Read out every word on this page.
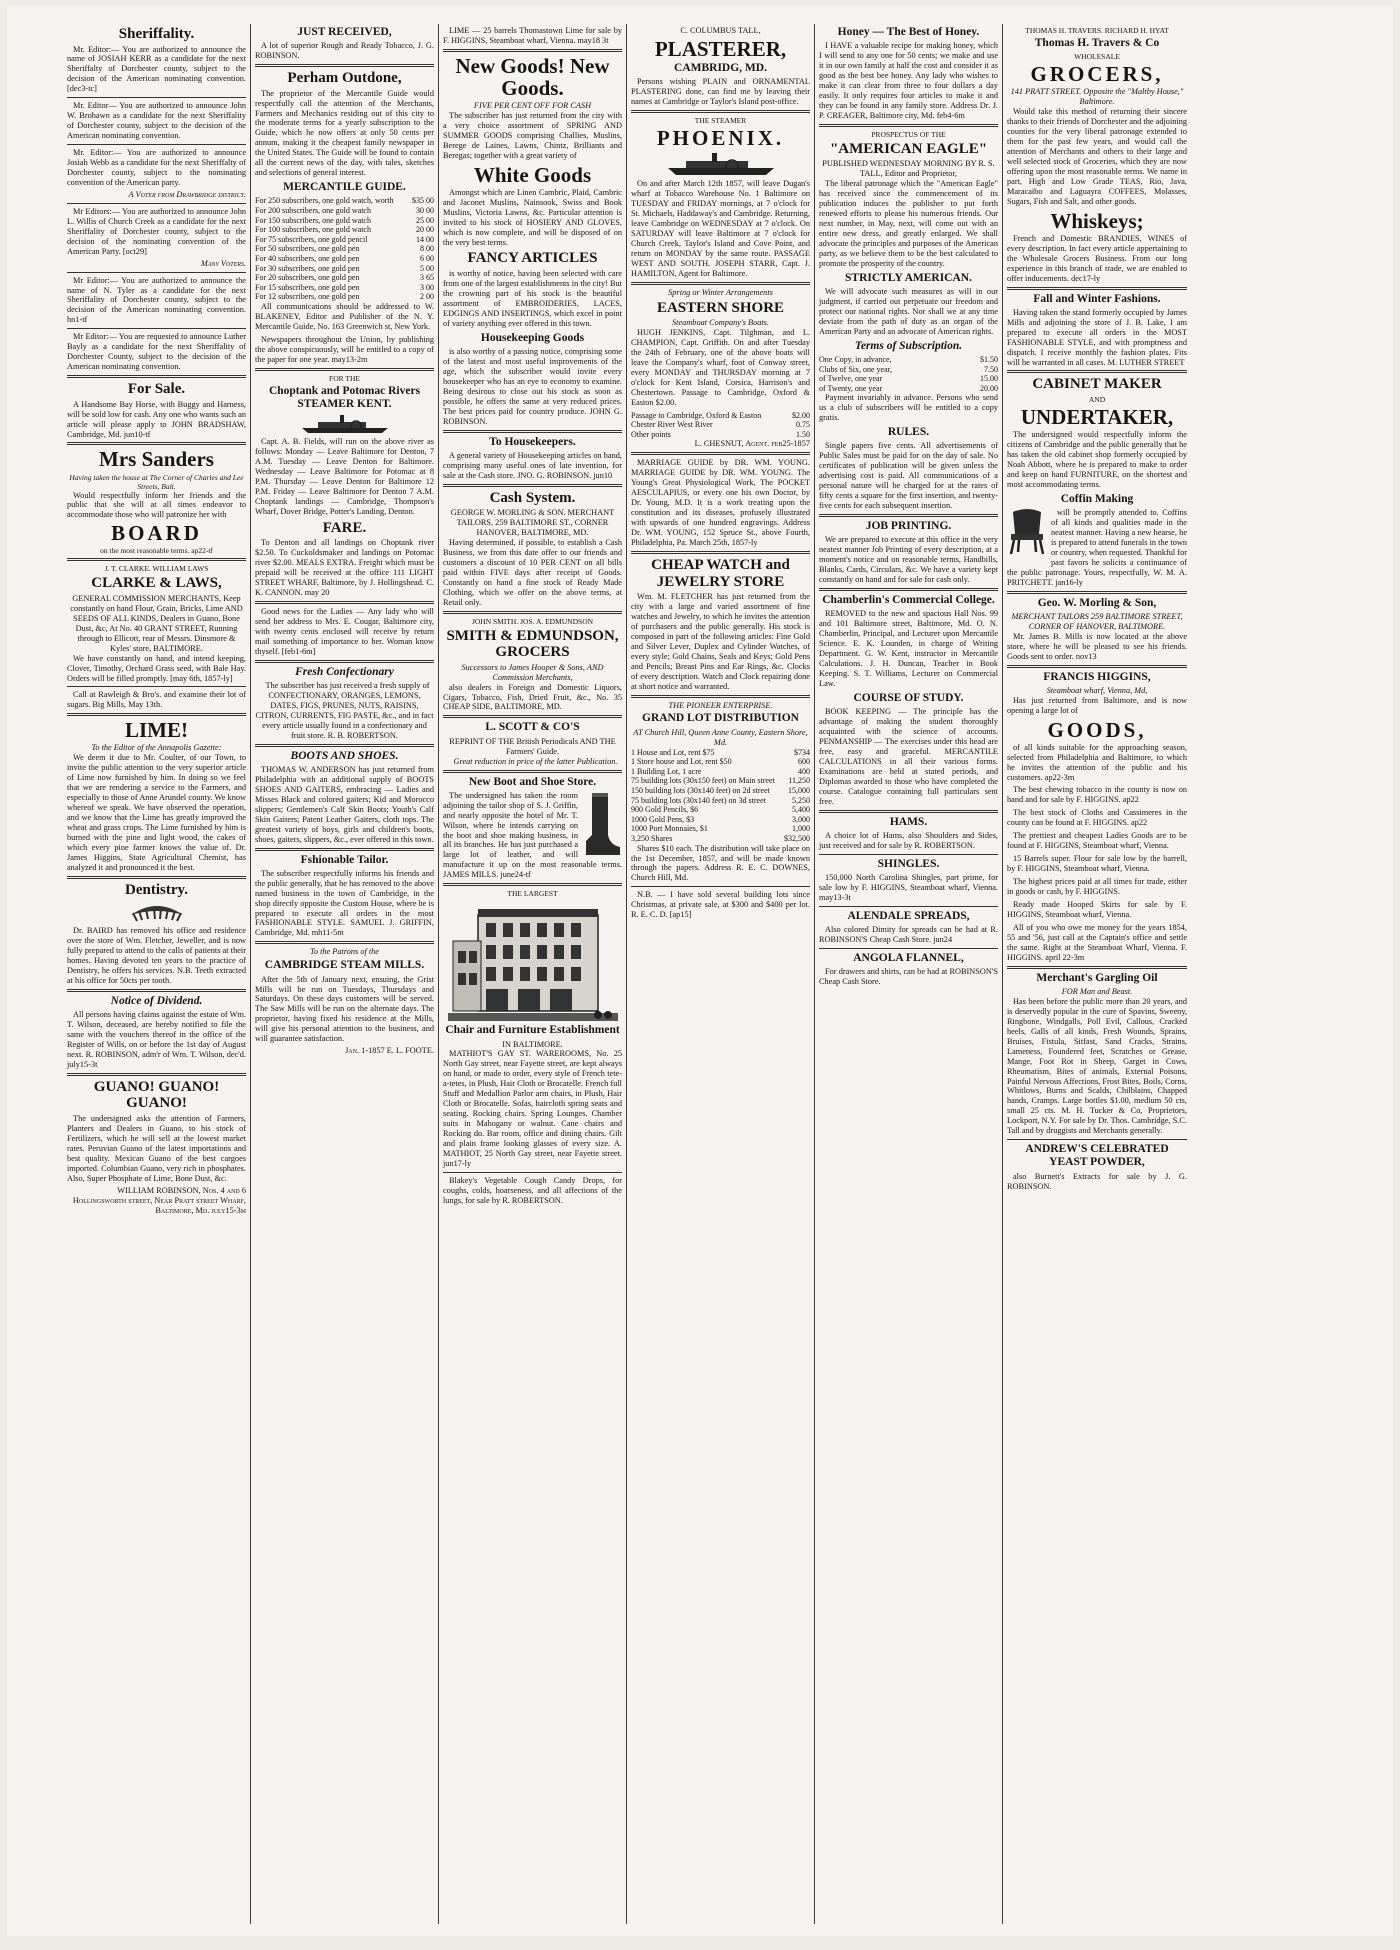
Sheriffality.

Mr. Editor:— You are authorized to announce the name of JOSIAH KERR as a candidate for the next Sheriffalty of Dorchester county, subject to the decision of the American nominating convention. [dec3-tc]

Mr. Editor— You are authorized to announce John W. Brohawn as a candidate for the next Sheriffality of Dorchester county, subject to the decision of the American nominating convention.

Mr. Editor:— You are authorized to announce Josiah Webb as a candidate for the next Sheriffalty of Dorchester county, subject to the nominating convention of the American party.

A Voter from Drawbridge district.

Mr Editors:— You are authorized to announce John L. Willis of Church Creek as a candidate for the next Sheriffality of Dorchester county, subject to the decision of the nominating convention of the American Party. [oct29]

Many Voters.

Mr Editor:— You are authorized to announce the name of N. Tyler as a candidate for the next Sheriffality of Dorchester county, subject to the decision of the American nominating convention. hn1-tf

Mr Editor:— You are requested to announce Luther Bayly as a candidate for the next Sheriffality of Dorchester County, subject to the decision of the American nominating convention.

For Sale.

A Handsome Bay Horse, with Buggy and Harness, will be sold low for cash. Any one who wants such an article will please apply to JOHN BRADSHAW, Cambridge, Md. jun10-tf

Mrs Sanders
Having taken the house at The Corner of Charles and Lee Streets, Balt.

Would respectfully inform her friends and the public that she will at all times endeavor to accommodate those who will patronize her with

BOARD
on the most reasonable terms. ap22-tf
J. T. CLARKE. WILLIAM LAWS
CLARKE & LAWS,
GENERAL COMMISSION MERCHANTS, Keep constantly on hand Flour, Grain, Bricks, Lime AND SEEDS OF ALL KINDS, Dealers in Guano, Bone Dust, &c, At No. 40 GRANT STREET, Running through to Ellicott, rear of Messrs. Dinsmore & Kyles' store, BALTIMORE.

We have constantly on hand, and intend keeping, Clover, Timothy, Orchard Grass seed, with Bale Hay. Orders will be filled promptly. [may 6th, 1857-ly]

Call at Rawleigh & Bro's. and examine their lot of sugars. Big Mills, May 13th.

LIME!
To the Editor of the Annapolis Gazette:

We deem it due to Mr. Coulter, of our Town, to invite the public attention to the very superior article of Lime now furnished by him. In doing so we feel that we are rendering a service to the Farmers, and especially to those of Anne Arundel county. We know whereof we speak. We have observed the operation, and we know that the Lime has greatly improved the wheat and grass crops. The Lime furnished by him is burned with the pine and light wood, the cakes of which every pine farmer knows the value of. Dr. James Higgins, State Agricultural Chemist, has analyzed it and pronounced it the best.

Dentistry.

Dr. BAIRD has removed his office and residence over the store of Wm. Fletcher, Jeweller, and is now fully prepared to attend to the calls of patients at their homes. Having devoted ten years to the practice of Dentistry, he offers his services. N.B. Teeth extracted at his office for 50cts per tooth.

Notice of Dividend.

All persons having claims against the estate of Wm. T. Wilson, deceased, are hereby notified to file the same with the vouchers thereof in the office of the Register of Wills, on or before the 1st day of August next. R. ROBINSON, adm'r of Wm. T. Wilson, dec'd. july15-3t

GUANO! GUANO! GUANO!

The undersigned asks the attention of Farmers, Planters and Dealers in Guano, to his stock of Fertilizers, which he will sell at the lowest market rates. Peruvian Guano of the latest importations and best quality. Mexican Guano of the best cargoes imported. Columbian Guano, very rich in phosphates. Also, Super Phosphate of Lime, Bone Dust, &c.

WILLIAM ROBINSON, Nos. 4 and 6 Hollingsworth street, Near Pratt street Wharf, Baltimore, Md. july15-3m
JUST RECEIVED,

A lot of superior Rough and Ready Tobacco, J. G. ROBINSON.

Perham Outdone,

The proprietor of the Mercantile Guide would respectfully call the attention of the Merchants, Farmers and Mechanics residing out of this city to the moderate terms for a yearly subscription to the Guide, which he now offers at only 50 cents per annum, making it the cheapest family newspaper in the United States. The Guide will be found to contain all the current news of the day, with tales, sketches and selections of general interest.

MERCANTILE GUIDE.
For 250 subscribers, one gold watch, worth	$35 00
For 200 subscribers, one gold watch	30 00
For 150 subscribers, one gold watch	25 00
For 100 subscribers, one gold watch	20 00
For 75 subscribers, one gold pencil	14 00
For 50 subscribers, one gold pen	8 00
For 40 subscribers, one gold pen	6 00
For 30 subscribers, one gold pen	5 00
For 20 subscribers, one gold pen	3 65
For 15 subscribers, one gold pen	3 00
For 12 subscribers, one gold pen	2 00

All communications should be addressed to W. BLAKENEY, Editor and Publisher of the N. Y. Mercantile Guide, No. 163 Greenwich st, New York.

Newspapers throughout the Union, by publishing the above conspicuously, will be entitled to a copy of the paper for one year. may13-2m

FOR THE
Choptank and Potomac Rivers STEAMER KENT.

Capt. A. B. Fields, will run on the above river as follows: Monday — Leave Baltimore for Denton, 7 A.M. Tuesday — Leave Denton for Baltimore. Wednesday — Leave Baltimore for Potomac at 8 P.M. Thursday — Leave Denton for Baltimore 12 P.M. Friday — Leave Baltimore for Denton 7 A.M. Choptank landings — Cambridge, Thompson's Wharf, Dover Bridge, Potter's Landing, Denton.

FARE.

To Denton and all landings on Choptank river $2.50. To Cuckoldsmaker and landings on Potomac river $2.00. MEALS EXTRA. Freight which must be prepaid will be received at the office 111 LIGHT STREET WHARF, Baltimore, by J. Hollingshead. C. K. CANNON. may 20

Good news for the Ladies — Any lady who will send her address to Mrs. E. Cougar, Baltimore city, with twenty cents enclosed will receive by return mail something of importance to her. Woman know thyself. [feb1-6m]

Fresh Confectionary

The subscriber has just received a fresh supply of CONFECTIONARY, ORANGES, LEMONS, DATES, FIGS, PRUNES, NUTS, RAISINS, CITRON, CURRENTS, FIG PASTE, &c., and in fact every article usually found in a confectionary and fruit store. R. B. ROBERTSON.

BOOTS AND SHOES.

THOMAS W. ANDERSON has just returned from Philadelphia with an additional supply of BOOTS SHOES AND GAITERS, embracing — Ladies and Misses Black and colored gaiters; Kid and Morocco slippers; Gentlemen's Calf Skin Boots; Youth's Calf Skin Gaiters; Patent Leather Gaiters, cloth tops. The greatest variety of boys, girls and children's boots, shoes, gaiters, slippers, &c., ever offered in this town.

Fshionable Tailor.

The subscriber respectfully informs his friends and the public generally, that he has removed to the above named business in the town of Cambridge, in the shop directly opposite the Custom House, where he is prepared to execute all orders in the most FASHIONABLE STYLE. SAMUEL J. GRIFFIN, Cambridge, Md. mh11-5m

To the Patrons of the
CAMBRIDGE STEAM MILLS.

After the 5th of January next, ensuing, the Grist Mills will be run on Tuesdays, Thursdays and Saturdays. On these days customers will be served. The Saw Mills will be run on the alternate days. The proprietor, having fixed his residence at the Mills, will give his personal attention to the business, and will guarantee satisfaction.

Jan. 1-1857 E. L. FOOTE.

LIME — 25 barrels Thomastown Lime for sale by F. HIGGINS, Steamboat wharf, Vienna. may18 3t

New Goods! New Goods.
FIVE PER CENT OFF FOR CASH

The subscriber has just returned from the city with a very choice assortment of SPRING AND SUMMER GOODS comprising Challies, Muslins, Berege de Laines, Lawns, Chintz, Brilliants and Beregas; together with a great variety of

White Goods

Amongst which are Linen Cambric, Plaid, Cambric and Jaconet Muslins, Nainsook, Swiss and Book Muslins, Victoria Lawns, &c. Particular attention is invited to his stock of HOSIERY AND GLOVES, which is now complete, and will be disposed of on the very best terms.

FANCY ARTICLES

is worthy of notice, having been selected with care from one of the largest establishments in the city! But the crowning part of his stock is the beautiful assortment of EMBROIDERIES, LACES, EDGINGS AND INSERTINGS, which excel in point of variety anything ever offered in this town.

Housekeeping Goods

is also worthy of a passing notice, comprising some of the latest and most useful improvements of the age, which the subscriber would invite every housekeeper who has an eye to economy to examine. Being desirous to close out his stock as soon as possible, he offers the same at very reduced prices. The best prices paid for country produce. JOHN G. ROBINSON.

To Housekeepers.

A general variety of Housekeeping articles on hand, comprising many useful ones of late invention, for sale at the Cash store. JNO. G. ROBINSON. jun10

Cash System.
GEORGE W. MORLING & SON. MERCHANT TAILORS, 259 BALTIMORE ST., CORNER HANOVER, BALTIMORE, MD.

Having determined, if possible, to establish a Cash Business, we from this date offer to our friends and customers a discount of 10 PER CENT on all bills paid within FIVE days after receipt of Goods. Constantly on hand a fine stock of Ready Made Clothing, which we offer on the above terms, at Retail only.

JOHN SMITH. JOS. A. EDMUNDSON
SMITH & EDMUNDSON, GROCERS
Successors to James Hooper & Sons, AND Commission Merchants,

also dealers in Foreign and Domestic Liquors, Cigars, Tobacco, Fish, Dried Fruit, &c., No. 35 CHEAP SIDE, BALTIMORE, MD.

L. SCOTT & CO'S
REPRINT OF THE British Periodicals AND THE Farmers' Guide.

Great reduction in price of the latter Publication.

New Boot and Shoe Store.

The undersigned has taken the room adjoining the tailor shop of S. J. Griffin, and nearly opposite the hotel of Mr. T. Wilson, where he intends carrying on the boot and shoe making business, in all its branches. He has just purchased a large lot of leather, and will manufacture it up on the most reasonable terms. JAMES MILLS. june24-tf

THE LARGEST
Chair and Furniture Establishment
IN BALTIMORE.

MATHIOT'S GAY ST. WAREROOMS, No. 25 North Gay street, near Fayette street, are kept always on hand, or made to order, every style of French tete-a-tetes, in Plush, Hair Cloth or Brocatelle. French full Stuff and Medallion Parlor arm chairs, in Plush, Hair Cloth or Brocatelle. Sofas, haircloth spring seats and seating. Rocking chairs. Spring Lounges. Chamber suits in Mahogany or walnut. Cane chairs and Rocking do. Bar room, office and dining chairs. Gilt and plain frame looking glasses of every size. A. MATHIOT, 25 North Gay street, near Fayette street. jun17-ly

Blakey's Vegetable Cough Candy Drops, for coughs, colds, hoarseness, and all affections of the lungs, for sale by R. ROBERTSON.

C. COLUMBUS TALL,
PLASTERER,
CAMBRIDG, MD.

Persons wishing PLAIN and ORNAMENTAL PLASTERING done, can find me by leaving their names at Cambridge or Taylor's Island post-office.

THE STEAMER
PHOENIX.

On and after March 12th 1857, will leave Dugan's wharf at Tobacco Warehouse No. 1 Baltimore on TUESDAY and FRIDAY mornings, at 7 o'clock for St. Michaels, Haddaway's and Cambridge. Returning, leave Cambridge on WEDNESDAY at 7 o'clock. On SATURDAY will leave Baltimore at 7 o'clock for Church Creek, Taylor's Island and Cove Point, and return on MONDAY by the same route. PASSAGE WEST AND SOUTH. JOSEPH STARR, Capt. J. HAMILTON, Agent for Baltimore.

Spring or Winter Arrangements
EASTERN SHORE
Steamboat Company's Boats.

HUGH JENKINS, Capt. Tilghman, and L. CHAMPION, Capt. Griffith. On and after Tuesday the 24th of February, one of the above boats will leave the Company's wharf, foot of Conway street, every MONDAY and THURSDAY morning at 7 o'clock for Kent Island, Corsica, Harrison's and Chestertown. Passage to Cambridge, Oxford & Easton $2.00.

Passage to Cambridge, Oxford & Easton	$2.00
Chester River West River	0.75
Other points	1.50
L. CHESNUT, Agent. feb25-1857

MARRIAGE GUIDE by DR. WM. YOUNG. MARRIAGE GUIDE by DR. WM. YOUNG. The Young's Great Physiological Work, The POCKET AESCULAPIUS, or every one his own Doctor, by Dr. Young, M.D. It is a work treating upon the constitution and its diseases, profusely illustrated with upwards of one hundred engravings. Address Dr. WM. YOUNG, 152 Spruce St., above Fourth, Philadelphia, Pa. March 25th, 1857-ly

CHEAP WATCH and JEWELRY STORE

Wm. M. FLETCHER has just returned from the city with a large and varied assortment of fine watches and Jewelry, to which he invites the attention of purchasers and the public generally. His stock is composed in part of the following articles: Fine Gold and Silver Lever, Duplex and Cylinder Watches, of every style; Gold Chains, Seals and Keys; Gold Pens and Pencils; Breast Pins and Ear Rings, &c. Clocks of every description. Watch and Clock repairing done at short notice and warranted.

THE PIONEER ENTERPRISE.
GRAND LOT DISTRIBUTION
AT Church Hill, Queen Anne County, Eastern Shore, Md.
1 House and Lot, rent $75	$734
1 Store house and Lot, rent $50	600
1 Building Lot, 1 acre	400
75 building lots (30x150 feet) on Main street	11,250
150 building lots (30x140 feet) on 2d street	15,000
75 building lots (30x140 feet) on 3d street	5,250
900 Gold Pencils, $6	5,400
1000 Gold Pens, $3	3,000
1000 Port Monnaies, $1	1,000
3,250 Shares	$32,500

Shares $10 each. The distribution will take place on the 1st December, 1857, and will be made known through the papers. Address R. E. C. DOWNES, Church Hill, Md.

N.B. — I have sold several building lots since Christmas, at private sale, at $300 and $400 per lot. R. E. C. D. [ap15]

Honey — The Best of Honey.

I HAVE a valuable recipe for making honey, which I will send to any one for 50 cents; we make and use it in our own family at half the cost and consider it as good as the best bee honey. Any lady who wishes to make it can clear from three to four dollars a day easily. It only requires four articles to make it and they can be found in any family store. Address Dr. J. P. CREAGER, Baltimore city, Md. feb4-6m

PROSPECTUS OF THE
"AMERICAN EAGLE"
PUBLISHED WEDNESDAY MORNING BY R. S. TALL, Editor and Proprietor,

The liberal patronage which the "American Eagle" has received since the commencement of its publication induces the publisher to put forth renewed efforts to please his numerous friends. Our next number, in May, next, will come out with an entire new dress, and greatly enlarged. We shall advocate the principles and purposes of the American party, as we believe them to be the best calculated to promote the prosperity of the country.

STRICTLY AMERICAN.

We will advocate such measures as will in our judgment, if carried out perpetuate our freedom and protect our national rights. Nor shall we at any time deviate from the path of duty as an organ of the American Party and an advocate of American rights.

Terms of Subscription.
One Copy, in advance,	$1.50
Clubs of Six, one year,	7.50
of Twelve, one year	15.00
of Twenty, one year	20.00

Payment invariably in advance. Persons who send us a club of subscribers will be entitled to a copy gratis.

RULES.

Single papers five cents. All advertisements of Public Sales must be paid for on the day of sale. No certificates of publication will be given unless the advertising cost is paid. All communications of a personal nature will be charged for at the rates of fifty cents a square for the first insertion, and twenty-five cents for each subsequent insertion.

JOB PRINTING.

We are prepared to execute at this office in the very neatest manner Job Printing of every description, at a moment's notice and on reasonable terms, Handbills, Blanks, Cards, Circulars, &c. We have a variety kept constantly on hand and for sale for cash only.

Chamberlin's Commercial College.

REMOVED to the new and spacious Hall Nos. 99 and 101 Baltimore street, Baltimore, Md. O. N. Chamberlin, Principal, and Lecturer upon Mercantile Science. E. K. Lounden, in charge of Writing Department. G. W. Kent, instructor in Mercantile Calculations. J. H. Duncan, Teacher in Book Keeping. S. T. Williams, Lecturer on Commercial Law.

COURSE OF STUDY.

BOOK KEEPING — The principle has the advantage of making the student thoroughly acquainted with the science of accounts. PENMANSHIP — The exercises under this head are free, easy and graceful. MERCANTILE CALCULATIONS in all their various forms. Examinations are held at stated periods, and Diplomas awarded to those who have completed the course. Catalogue containing full particulars sent free.

HAMS.

A choice lot of Hams, also Shoulders and Sides, just received and for sale by R. ROBERTSON.

SHINGLES.

150,000 North Carolina Shingles, part prime, for sale low by F. HIGGINS, Steamboat wharf, Vienna. may13-3t

ALENDALE SPREADS,

Also colored Dimity for spreads can be had at R. ROBINSON'S Cheap Cash Store. jun24

ANGOLA FLANNEL,

For drawers and shirts, can be had at ROBINSON'S Cheap Cash Store.

THOMAS H. TRAVERS. RICHARD H. HYAT
Thomas H. Travers & Co
WHOLESALE
GROCERS,
141 PRATT STREET. Opposite the "Maltby House," Baltimore.

Would take this method of returning their sincere thanks to their friends of Dorchester and the adjoining counties for the very liberal patronage extended to them for the past few years, and would call the attention of Merchants and others to their large and well selected stock of Groceries, which they are now offering upon the most reasonable terms. We name in part, High and Low Grade TEAS, Rio, Java, Maracaibo and Laguayra COFFEES, Molasses, Sugars, Fish and Salt, and other goods.

Whiskeys;

French and Domestic BRANDIES, WINES of every description. In fact every article appertaining to the Wholesale Grocers Business. From our long experience in this branch of trade, we are enabled to offer inducements. dec17-ly

Fall and Winter Fashions.

Having taken the stand formerly occupied by James Mills and adjoining the store of J. B. Lake, I am prepared to execute all orders in the MOST FASHIONABLE STYLE, and with promptness and dispatch. I receive monthly the fashion plates. Fits will be warranted in all cases. M. LUTHER STREET

CABINET MAKER
AND
UNDERTAKER,

The undersigned would respectfully inform the citizens of Cambridge and the public generally that he has taken the old cabinet shop formerly occupied by Noah Abbott, where he is prepared to make to order and keep on hand FURNITURE, on the shortest and most accommodating terms.

Coffin Making

will be promptly attended to. Coffins of all kinds and qualities made in the neatest manner. Having a new hearse, he is prepared to attend funerals in the town or country, when requested. Thankful for past favors he solicits a continuance of the public patronage. Yours, respectfully, W. M. A. PRITCHETT. jan16-ly

Geo. W. Morling & Son,
MERCHANT TAILORS 259 BALTIMORE STREET, CORNER OF HANOVER, BALTIMORE.

Mr. James B. Mills is now located at the above store, where he will be pleased to see his friends. Goods sent to order. nov13

FRANCIS HIGGINS,
Steamboat wharf, Vienna, Md,

Has just returned from Baltimore, and is now opening a large lot of

GOODS,

of all kinds suitable for the approaching season, selected from Philadelphia and Baltimore, to which he invites the attention of the public and his customers. ap22-3m

The best chewing tobacco in the county is now on hand and for sale by F. HIGGINS. ap22

The best stock of Cloths and Cassimeres in the county can be found at F. HIGGINS. ap22

The prettiest and cheapest Ladies Goods are to be found at F. HIGGINS, Steamboat wharf, Vienna.

15 Barrels super. Flour for sale low by the barrell, by F. HIGGINS, Steamboat wharf, Vienna.

The highest prices paid at all times for trade, either in goods or cash, by F. HIGGINS.

Ready made Hooped Skirts for sale by F. HIGGINS, Steamboat wharf, Vienna.

All of you who owe me money for the years 1854, 55 and '56, just call at the Captain's office and settle the same. Right at the Steamboat Wharf, Vienna. F. HIGGINS. april 22-3m

Merchant's Gargling Oil
FOR Man and Beast.

Has been before the public more than 20 years, and is deservedly popular in the cure of Spavins, Sweeny, Ringbone, Windgalls, Poll Evil, Callous, Cracked heels, Galls of all kinds, Fresh Wounds, Sprains, Bruises, Fistula, Sitfast, Sand Cracks, Strains, Lameness, Foundered feet, Scratches or Grease, Mange, Foot Rot in Sheep, Garget in Cows, Rheumatism, Bites of animals, External Poisons, Painful Nervous Affections, Frost Bites, Boils, Corns, Whitlows, Burns and Scalds, Chilblains, Chapped hands, Cramps. Large bottles $1.00, medium 50 cts, small 25 cts. M. H. Tucker & Co, Proprietors, Lockport, N.Y. For sale by Dr. Thos. Cambridge, S.C. Tall and by druggists and Merchants generally.

ANDREW'S CELEBRATED YEAST POWDER,

also Burnett's Extracts for sale by J. G. ROBINSON.
